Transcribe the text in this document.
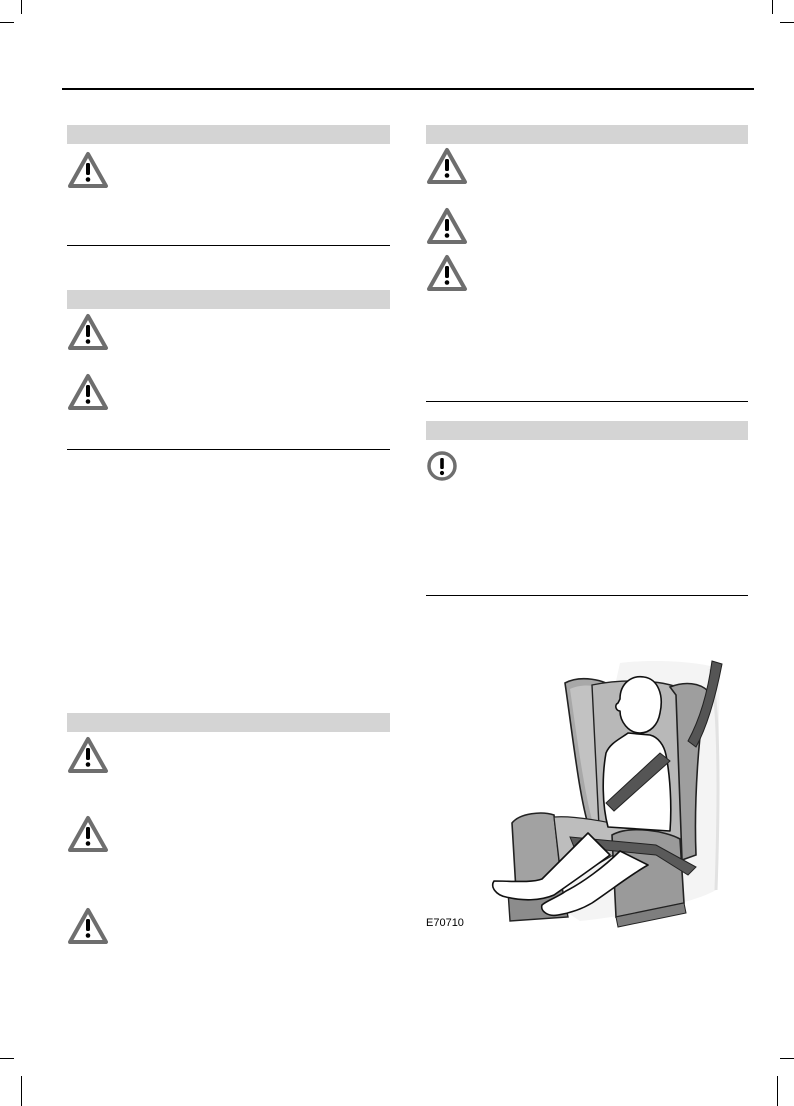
E70710
